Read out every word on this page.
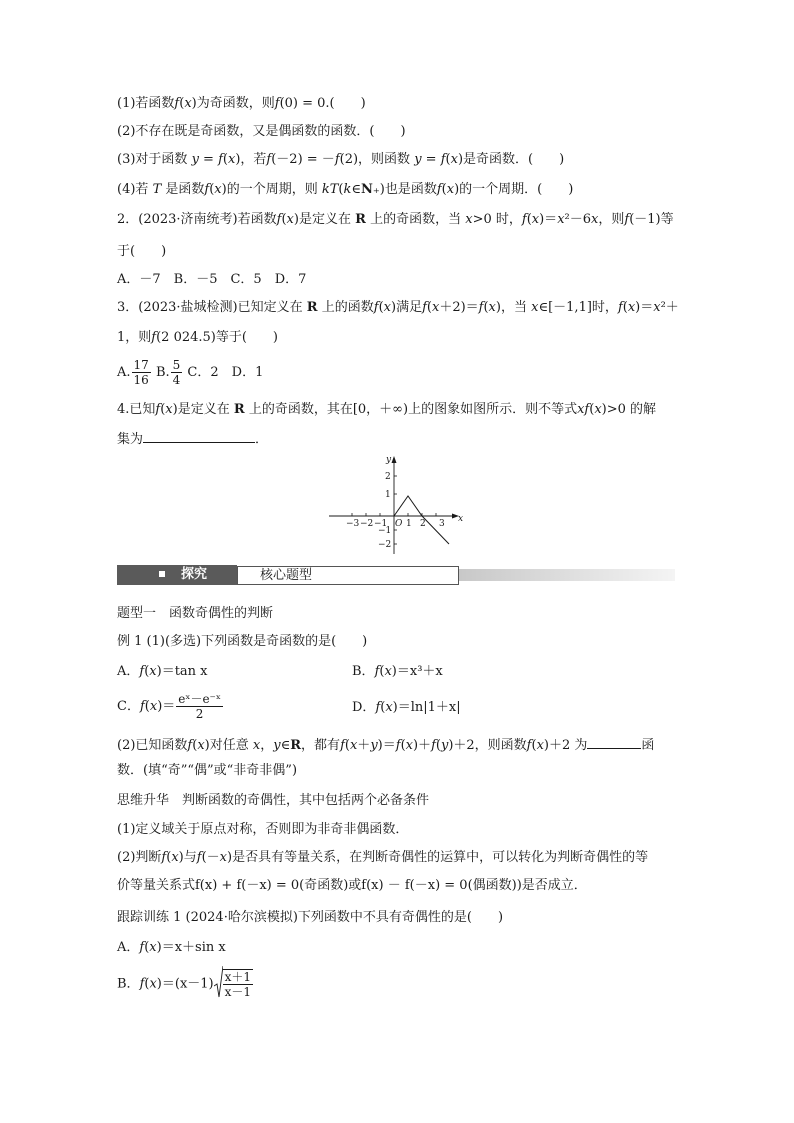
(1)若函数f(x)为奇函数，则f(0) = 0.(　　)
(2)不存在既是奇函数，又是偶函数的函数．(　　)
(3)对于函数 y = f(x)，若f(－2) = －f(2)，则函数 y = f(x)是奇函数．(　　)
(4)若 T 是函数f(x)的一个周期，则 kT(k∈N₊)也是函数f(x)的一个周期．(　　)
2．(2023·济南统考)若函数f(x)是定义在 R 上的奇函数，当 x>0 时，f(x)＝x²－6x，则f(－1)等
于(　　)
A．－7　B．－5　C．5　D．7
3．(2023·盐城检测)已知定义在 R 上的函数f(x)满足f(x＋2)＝f(x)，当 x∈[－1,1]时，f(x)＝x²＋
1，则f(2 024.5)等于(　　)
A. $\frac{17}{16} B$. $\frac{5}{4}$ C．2　D．1
4.已知f(x)是定义在 R 上的奇函数，其在[0，＋∞)上的图象如图所示．则不等式xf(x)>0 的解
集为	．
y
x
O
−3 −2 −1 1 2 3
2
1
−1
−2
探究	核心题型
题型一　函数奇偶性的判断
例 1 (1)(多选)下列函数是奇函数的是(　　)
A．f(x)＝tan x	B．f(x)＝x³＋x
C．$f(x)= \frac{\text{eˣ－e⁻ˣ}}{2}$	D．f(x)＝ln|1＋x|
(2)已知函数f(x)对任意 x，y∈R，都有f(x＋y)＝f(x)＋f(y)＋2，则函数f(x)＋2 为	函
数．(填“奇”“偶”或“非奇非偶”)
思维升华　判断函数的奇偶性，其中包括两个必备条件
(1)定义域关于原点对称，否则即为非奇非偶函数．
(2)判断f(x)与f(－x)是否具有等量关系，在判断奇偶性的运算中，可以转化为判断奇偶性的等
价等量关系式f(x) + f(－x) = 0(奇函数)或f(x) － f(－x) = 0(偶函数))是否成立．
跟踪训练 1 (2024·哈尔滨模拟)下列函数中不具有奇偶性的是(　　)
A．f(x)＝x＋sin x
B．$f(x)=(x-1) \frac{x+1}{x-1}$
